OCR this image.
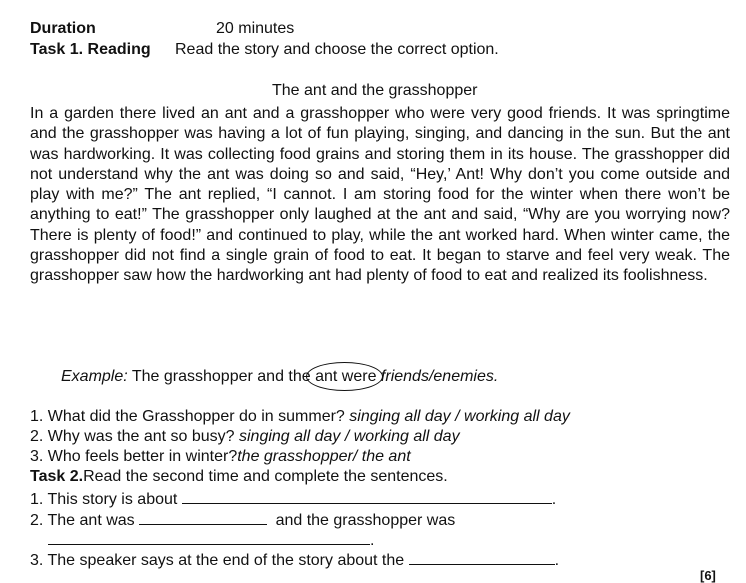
Duration	20 minutes
Task 1. Reading Read the story and choose the correct option.
The ant and the grasshopper
In a garden there lived an ant and a grasshopper who were very good friends. It was springtime and the grasshopper was having a lot of fun playing, singing, and dancing in the sun. But the ant was hardworking. It was collecting food grains and storing them in its house. The grasshopper did not understand why the ant was doing so and said, “Hey,’ Ant! Why don’t you come outside and play with me?” The ant replied, “I cannot. I am storing food for the winter when there won’t be anything to eat!” The grasshopper only laughed at the ant and said, “Why are you worrying now? There is plenty of food!” and continued to play, while the ant worked hard. When winter came, the grasshopper did not find a single grain of food to eat. It began to starve and feel very weak. The grasshopper saw how the hardworking ant had plenty of food to eat and realized its foolishness.
Example: The grasshopper and the ant were friends/enemies.
1. What did the Grasshopper do in summer? singing all day / working all day
2. Why was the ant so busy? singing all day / working all day
3. Who feels better in winter?the grasshopper/ the ant
Task 2.Read the second time and complete the sentences.
1. This story is about	.
2. The ant was	and the grasshopper was
.
3. The speaker says at the end of the story about the	.
[6]
